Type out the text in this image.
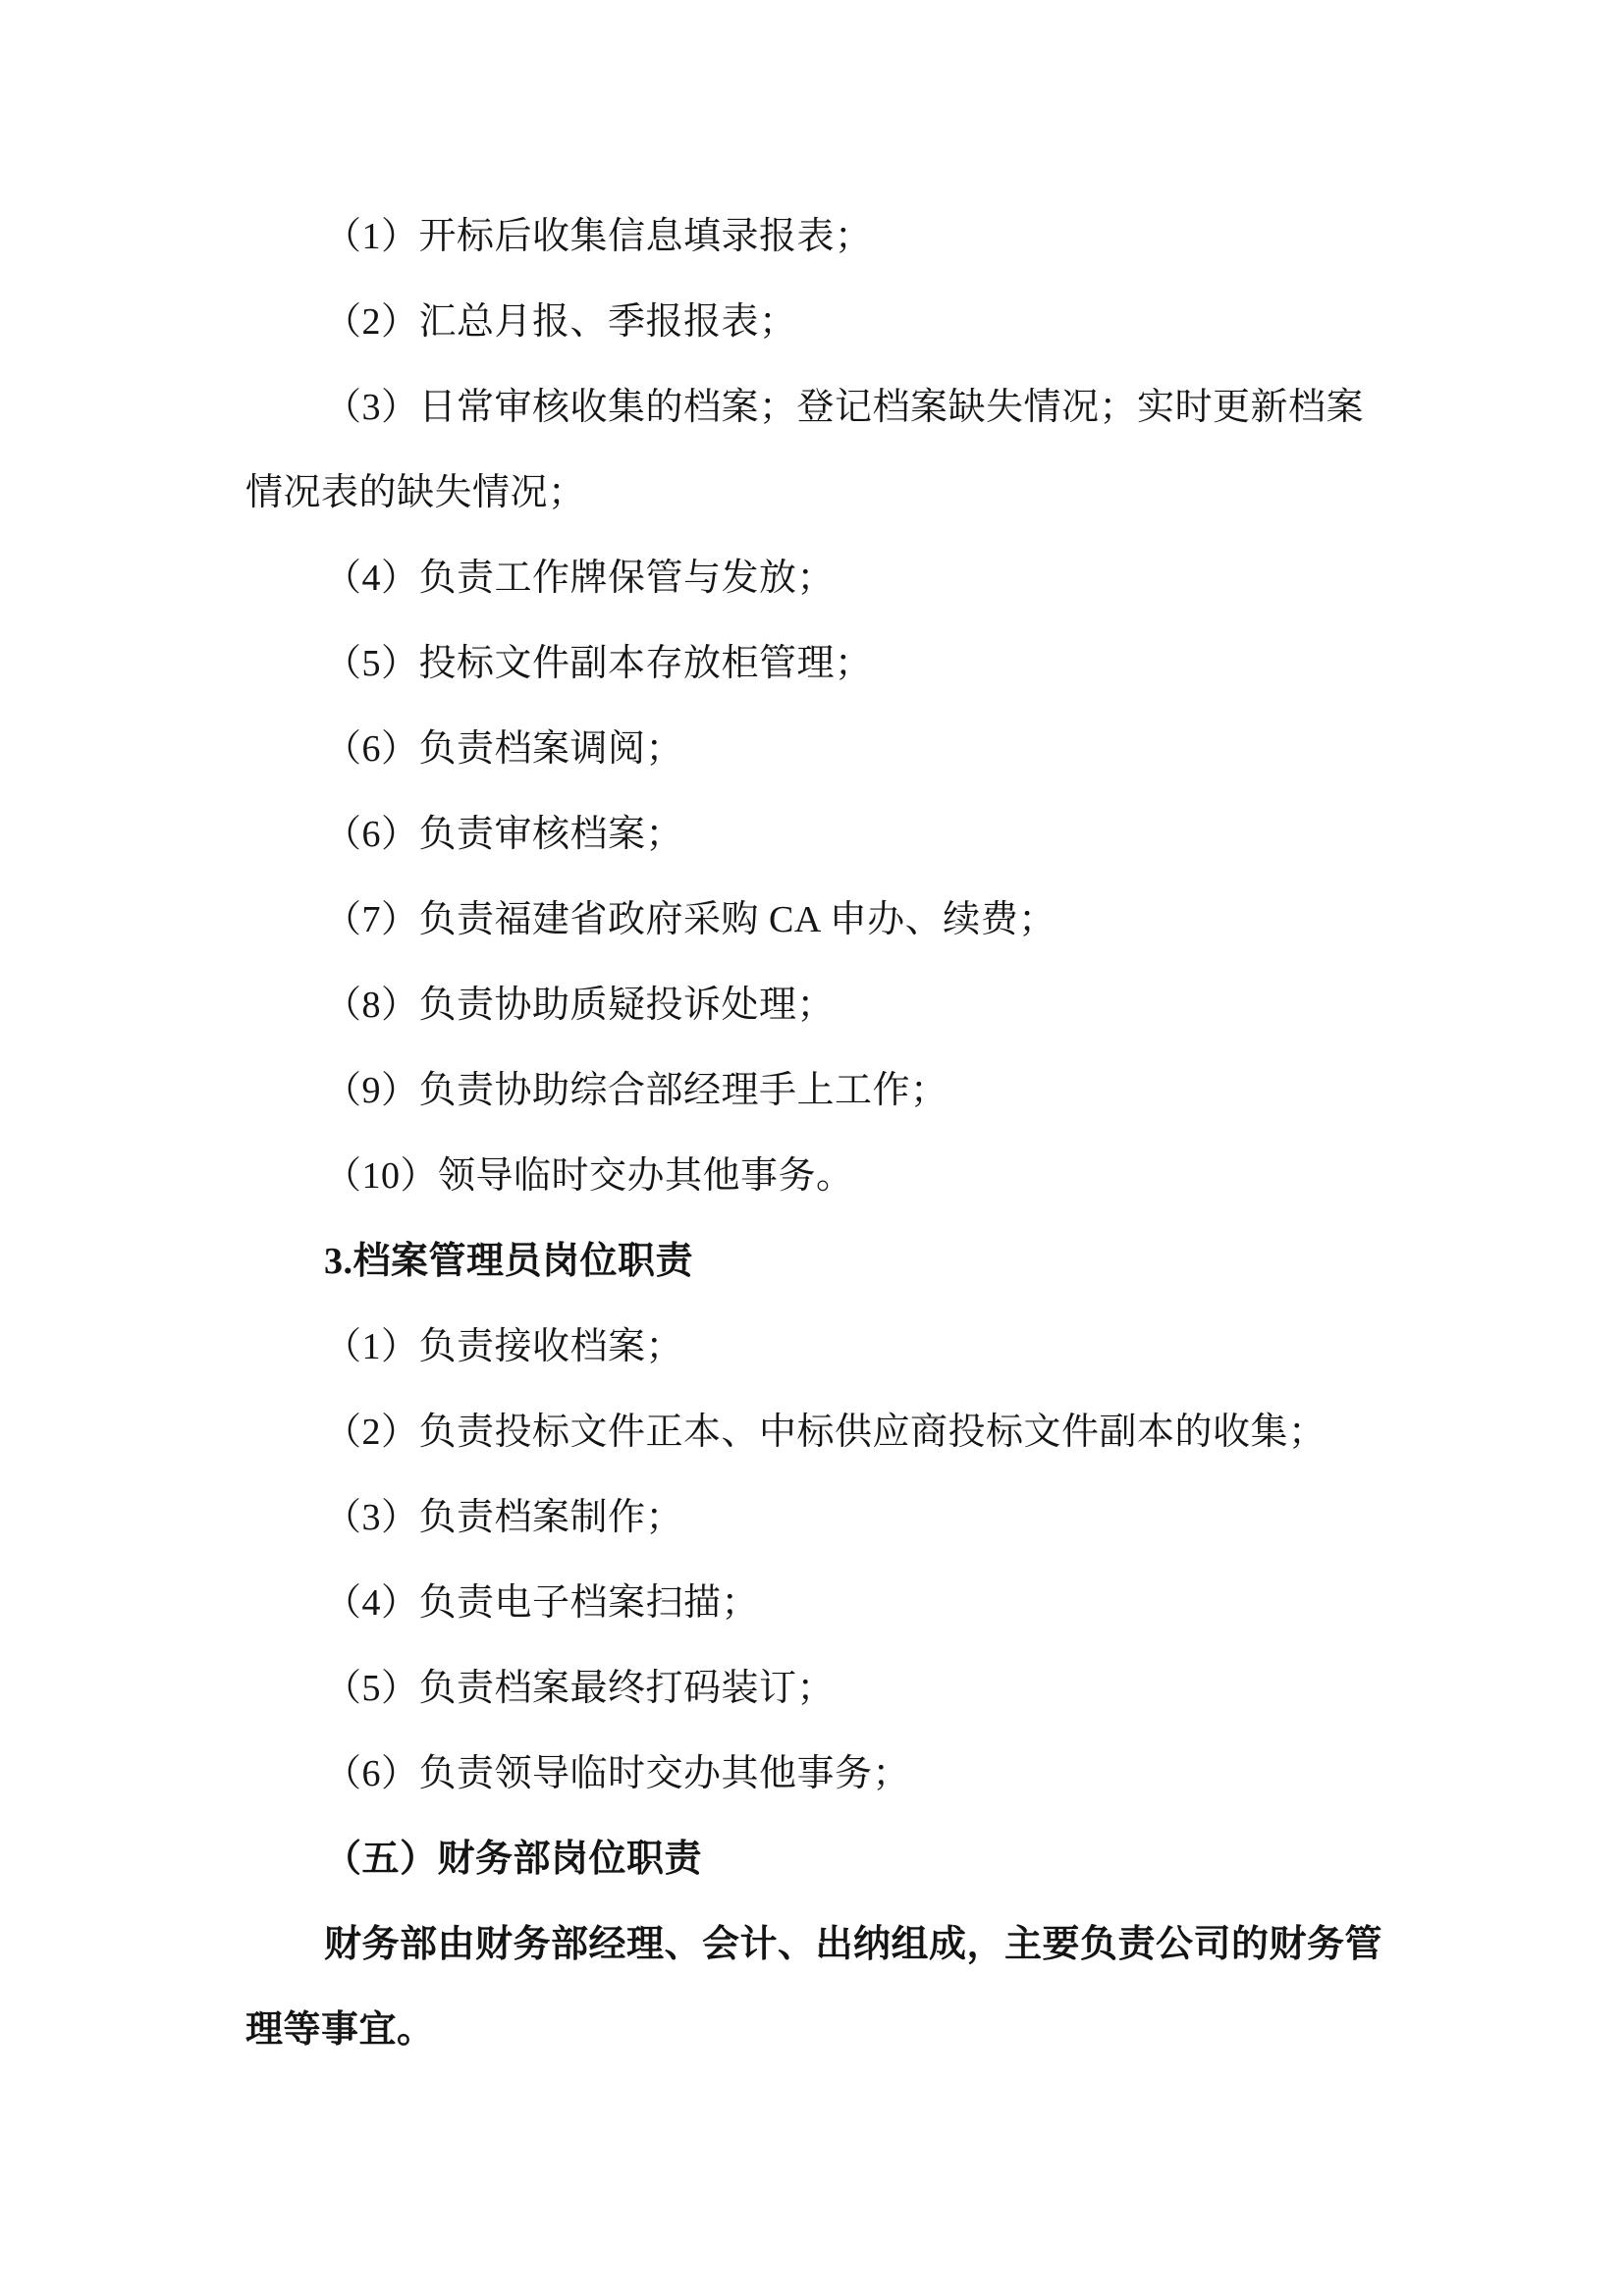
（1）开标后收集信息填录报表；

（2）汇总月报、季报报表；

（3）日常审核收集的档案；登记档案缺失情况；实时更新档案

情况表的缺失情况；

（4）负责工作牌保管与发放；

（5）投标文件副本存放柜管理；

（6）负责档案调阅；

（6）负责审核档案；

（7）负责福建省政府采购 CA 申办、续费；

（8）负责协助质疑投诉处理；

（9）负责协助综合部经理手上工作；

（10）领导临时交办其他事务。

3.档案管理员岗位职责

（1）负责接收档案；

（2）负责投标文件正本、中标供应商投标文件副本的收集；

（3）负责档案制作；

（4）负责电子档案扫描；

（5）负责档案最终打码装订；

（6）负责领导临时交办其他事务；

（五）财务部岗位职责

财务部由财务部经理、会计、出纳组成，主要负责公司的财务管

理等事宜。
